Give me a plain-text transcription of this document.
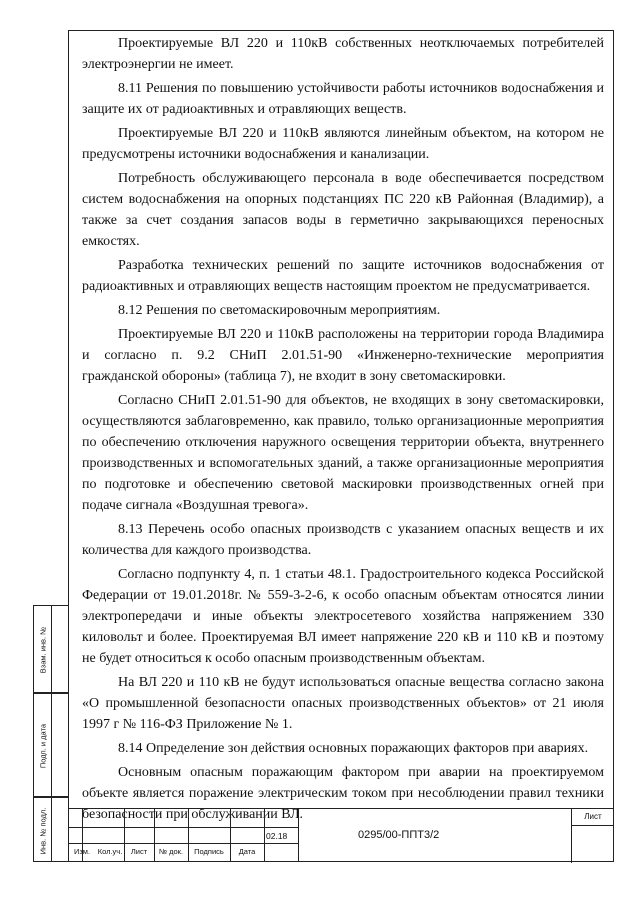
Взам. инв. №
Подп. и дата
Инв. № подл.

Проектируемые ВЛ 220 и 110кВ собственных неотключаемых потребителей электроэнергии не имеет.

8.11 Решения по повышению устойчивости работы источников водоснабжения и защите их от радиоактивных и отравляющих веществ.

Проектируемые ВЛ 220 и 110кВ являются линейным объектом, на котором не предусмотрены источники водоснабжения и канализации.

Потребность обслуживающего персонала в воде обеспечивается посредством систем водоснабжения на опорных подстанциях ПС 220 кВ Районная (Владимир), а также за счет создания запасов воды в герметично закрывающихся переносных емкостях.

Разработка технических решений по защите источников водоснабжения от радиоактивных и отравляющих веществ настоящим проектом не предусматривается.

8.12 Решения по светомаскировочным мероприятиям.

Проектируемые ВЛ 220 и 110кВ расположены на территории города Владимира и согласно п. 9.2 СНиП 2.01.51-90 «Инженерно-технические мероприятия гражданской обороны» (таблица 7), не входит в зону светомаскировки.

Согласно СНиП 2.01.51-90 для объектов, не входящих в зону светомаскировки, осуществляются заблаговременно, как правило, только организационные мероприятия по обеспечению отключения наружного освещения территории объекта, внутреннего производственных и вспомогательных зданий, а также организационные мероприятия по подготовке и обеспечению световой маскировки производственных огней при подаче сигнала «Воздушная тревога».

8.13 Перечень особо опасных производств с указанием опасных веществ и их количества для каждого производства.

Согласно подпункту 4, п. 1 статьи 48.1. Градостроительного кодекса Российской Федерации от 19.01.2018г. № 559-3-2-6, к особо опасным объектам относятся линии электропередачи и иные объекты электросетевого хозяйства напряжением 330 киловольт и более. Проектируемая ВЛ имеет напряжение 220 кВ и 110 кВ и поэтому не будет относиться к особо опасным производственным объектам.

На ВЛ 220 и 110 кВ не будут использоваться опасные вещества согласно закона «О промышленной безопасности опасных производственных объектов» от 21 июля 1997 г № 116-ФЗ Приложение № 1.

8.14 Определение зон действия основных поражающих факторов при авариях.

Основным опасным поражающим фактором при аварии на проектируемом объекте является поражение электрическим током при несоблюдении правил техники безопасности при обслуживании ВЛ.

02.18
Изм.	Кол.уч.	Лист	№ док.	Подпись	Дата
0295/00-ППТ3/2
Лист
